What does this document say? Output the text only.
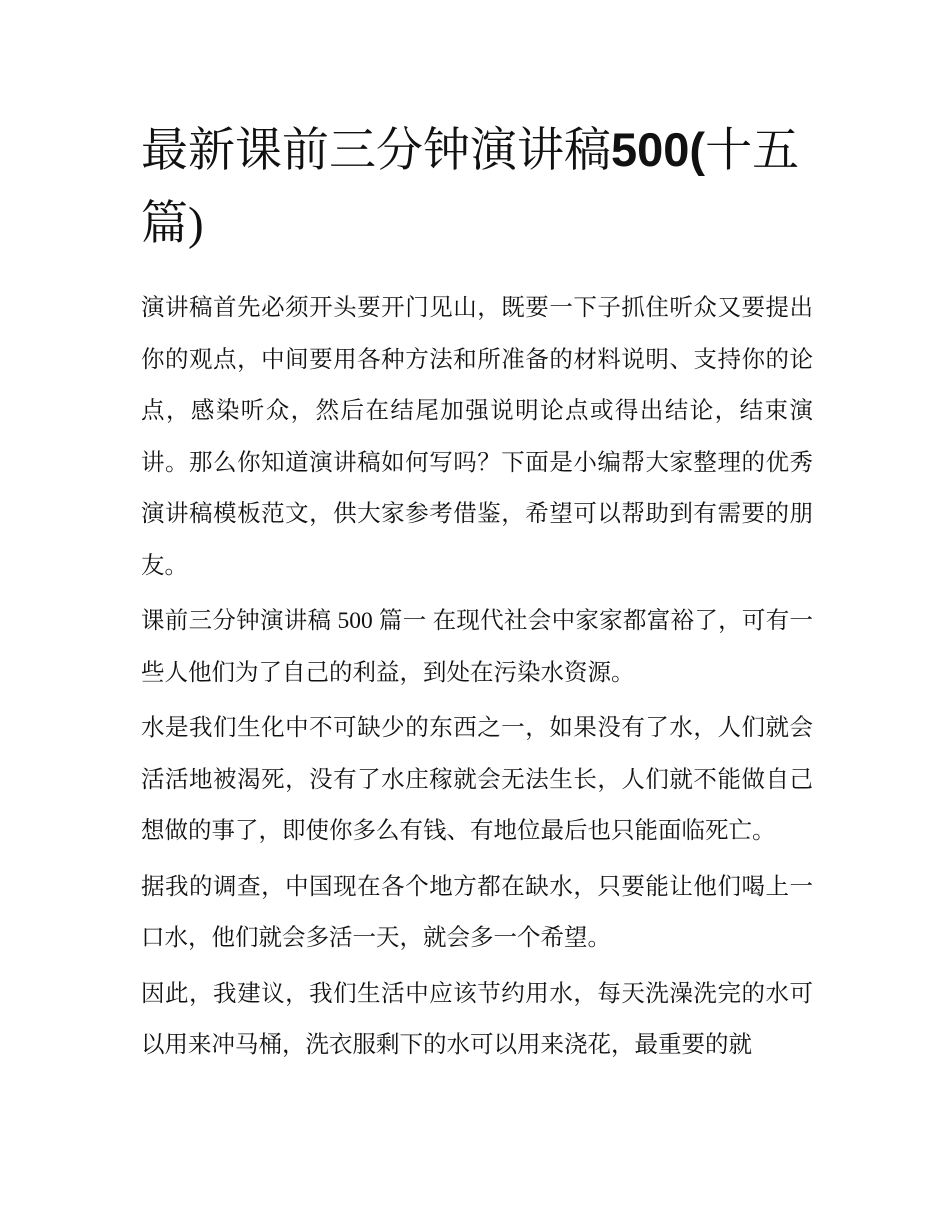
最新课前三分钟演讲稿500(十五篇)

演讲稿首先必须开头要开门见山，既要一下子抓住听众又要提出你的观点，中间要用各种方法和所准备的材料说明、支持你的论点，感染听众，然后在结尾加强说明论点或得出结论，结束演讲。那么你知道演讲稿如何写吗？下面是小编帮大家整理的优秀演讲稿模板范文，供大家参考借鉴，希望可以帮助到有需要的朋友。

课前三分钟演讲稿 500 篇一 在现代社会中家家都富裕了，可有一些人他们为了自己的利益，到处在污染水资源。

水是我们生化中不可缺少的东西之一，如果没有了水，人们就会活活地被渴死，没有了水庄稼就会无法生长，人们就不能做自己想做的事了，即使你多么有钱、有地位最后也只能面临死亡。

据我的调查，中国现在各个地方都在缺水，只要能让他们喝上一口水，他们就会多活一天，就会多一个希望。

因此，我建议，我们生活中应该节约用水，每天洗澡洗完的水可以用来冲马桶，洗衣服剩下的水可以用来浇花，最重要的就
